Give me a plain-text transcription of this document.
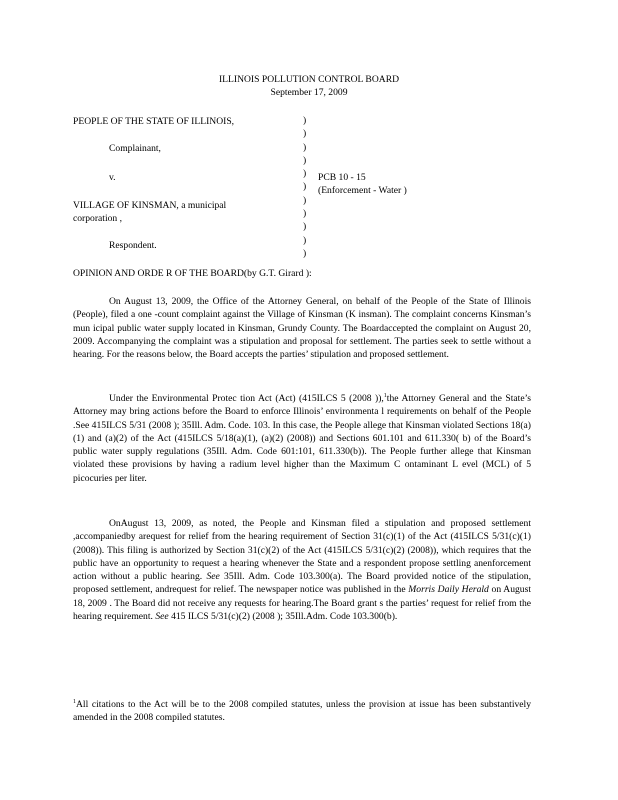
ILLINOIS POLLUTION CONTROL BOARD
September 17, 2009
PEOPLE OF THE STATE OF ILLINOIS,
Complainant,
v.
VILLAGE OF KINSMAN, a municipal
corporation ,
Respondent.
)
)
)
)
)
)
)
)
)
)
)
PCB 10 - 15
(Enforcement - Water )
OPINION AND ORDE R OF THE BOARD(by G.T. Girard ):
On August 13, 2009, the Office of the Attorney General, on behalf of the People of the State of Illinois (People), filed a one -count complaint against the Village of Kinsman (K insman). The complaint concerns Kinsman’s mun icipal public water supply located in Kinsman, Grundy County. The Boardaccepted the complaint on August 20, 2009. Accompanying the complaint was a stipulation and proposal for settlement. The parties seek to settle without a hearing. For the reasons below, the Board accepts the parties’ stipulation and proposed settlement.
Under the Environmental Protec tion Act (Act) (415ILCS 5 (2008 )),$^1$the Attorney General and the State’s Attorney may bring actions before the Board to enforce Illinois’ environmenta l requirements on behalf of the People .See 415ILCS 5/31 (2008 ); 35Ill. Adm. Code. 103. In this case, the People allege that Kinsman violated Sections 18(a)(1) and (a)(2) of the Act (415ILCS 5/18(a)(1), (a)(2) (2008)) and Sections 601.101 and 611.330( b) of the Board’s public water supply regulations (35Ill. Adm. Code 601:101, 611.330(b)). The People further allege that Kinsman violated these provisions by having a radium level higher than the Maximum C ontaminant L evel (MCL) of 5 picocuries per liter.
OnAugust 13, 2009, as noted, the People and Kinsman filed a stipulation and proposed settlement ,accompaniedby arequest for relief from the hearing requirement of Section 31(c)(1) of the Act (415ILCS 5/31(c)(1) (2008)). This filing is authorized by Section 31(c)(2) of the Act (415ILCS 5/31(c)(2) (2008)), which requires that the public have an opportunity to request a hearing whenever the State and a respondent propose settling anenforcement action without a public hearing. See 35Ill. Adm. Code 103.300(a). The Board provided notice of the stipulation, proposed settlement, andrequest for relief. The newspaper notice was published in the Morris Daily Herald on August 18, 2009 . The Board did not receive any requests for hearing.The Board grant s the parties’ request for relief from the hearing requirement. See 415 ILCS 5/31(c)(2) (2008 ); 35Ill.Adm. Code 103.300(b).
$^1$All citations to the Act will be to the 2008 compiled statutes, unless the provision at issue has been substantively amended in the 2008 compiled statutes.
